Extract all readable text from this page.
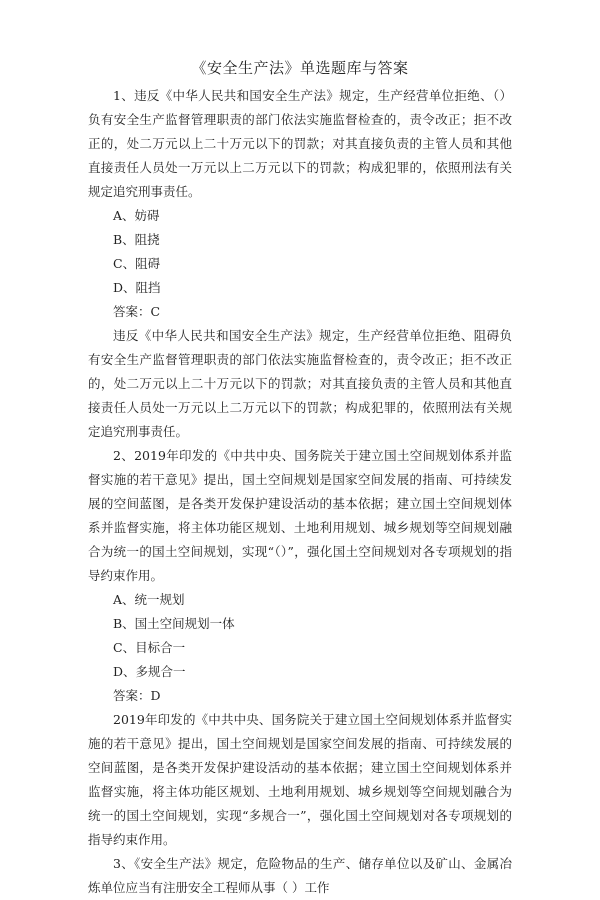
《安全生产法》单选题库与答案

1、违反《中华人民共和国安全生产法》规定，生产经营单位拒绝、（）负有安全生产监督管理职责的部门依法实施监督检查的，责令改正；拒不改正的，处二万元以上二十万元以下的罚款；对其直接负责的主管人员和其他直接责任人员处一万元以上二万元以下的罚款；构成犯罪的，依照刑法有关规定追究刑事责任。

A、妨碍

B、阻挠

C、阻碍

D、阻挡

答案：C

违反《中华人民共和国安全生产法》规定，生产经营单位拒绝、阻碍负有安全生产监督管理职责的部门依法实施监督检查的，责令改正；拒不改正的，处二万元以上二十万元以下的罚款；对其直接负责的主管人员和其他直接责任人员处一万元以上二万元以下的罚款；构成犯罪的，依照刑法有关规定追究刑事责任。

2、2019年印发的《中共中央、国务院关于建立国土空间规划体系并监督实施的若干意见》提出，国土空间规划是国家空间发展的指南、可持续发展的空间蓝图，是各类开发保护建设活动的基本依据；建立国土空间规划体系并监督实施，将主体功能区规划、土地利用规划、城乡规划等空间规划融合为统一的国土空间规划，实现“（）”，强化国土空间规划对各专项规划的指导约束作用。

A、统一规划

B、国土空间规划一体

C、目标合一

D、多规合一

答案：D

2019年印发的《中共中央、国务院关于建立国土空间规划体系并监督实施的若干意见》提出，国土空间规划是国家空间发展的指南、可持续发展的空间蓝图，是各类开发保护建设活动的基本依据；建立国土空间规划体系并监督实施，将主体功能区规划、土地利用规划、城乡规划等空间规划融合为统一的国土空间规划，实现“多规合一”，强化国土空间规划对各专项规划的指导约束作用。

3、《安全生产法》规定，危险物品的生产、储存单位以及矿山、金属冶炼单位应当有注册安全工程师从事（ ）工作
